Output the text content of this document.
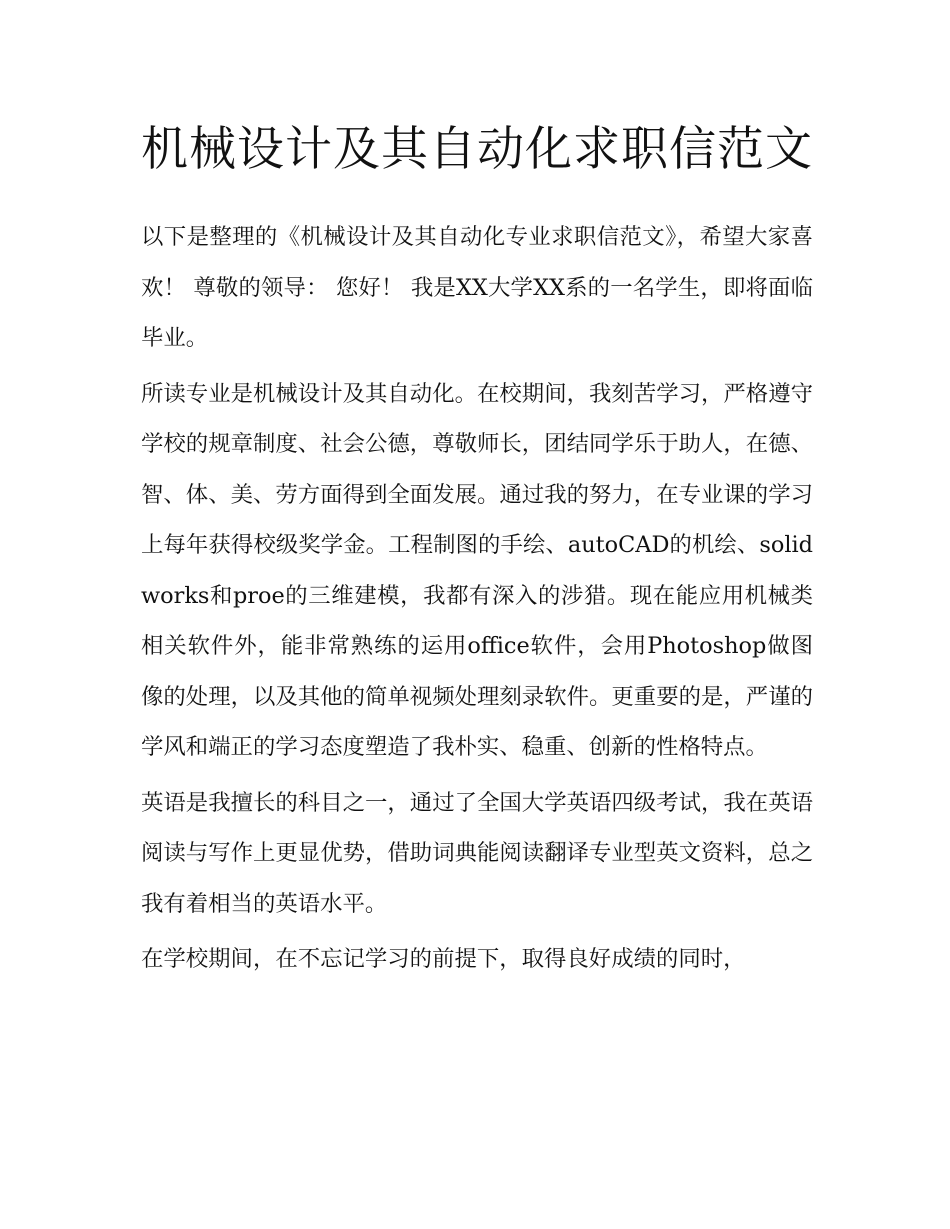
机械设计及其自动化求职信范文

以下是整理的《机械设计及其自动化专业求职信范文》，希望大家喜欢！ 尊敬的领导： 您好！ 我是XX大学XX系的一名学生，即将面临毕业。

所读专业是机械设计及其自动化。在校期间，我刻苦学习，严格遵守学校的规章制度、社会公德，尊敬师长，团结同学乐于助人，在德、智、体、美、劳方面得到全面发展。通过我的努力，在专业课的学习上每年获得校级奖学金。工程制图的手绘、autoCAD的机绘、solidworks和proe的三维建模，我都有深入的涉猎。现在能应用机械类相关软件外，能非常熟练的运用office软件，会用Photoshop做图像的处理，以及其他的简单视频处理刻录软件。更重要的是，严谨的学风和端正的学习态度塑造了我朴实、稳重、创新的性格特点。

英语是我擅长的科目之一，通过了全国大学英语四级考试，我在英语阅读与写作上更显优势，借助词典能阅读翻译专业型英文资料，总之我有着相当的英语水平。

在学校期间，在不忘记学习的前提下，取得良好成绩的同时，
